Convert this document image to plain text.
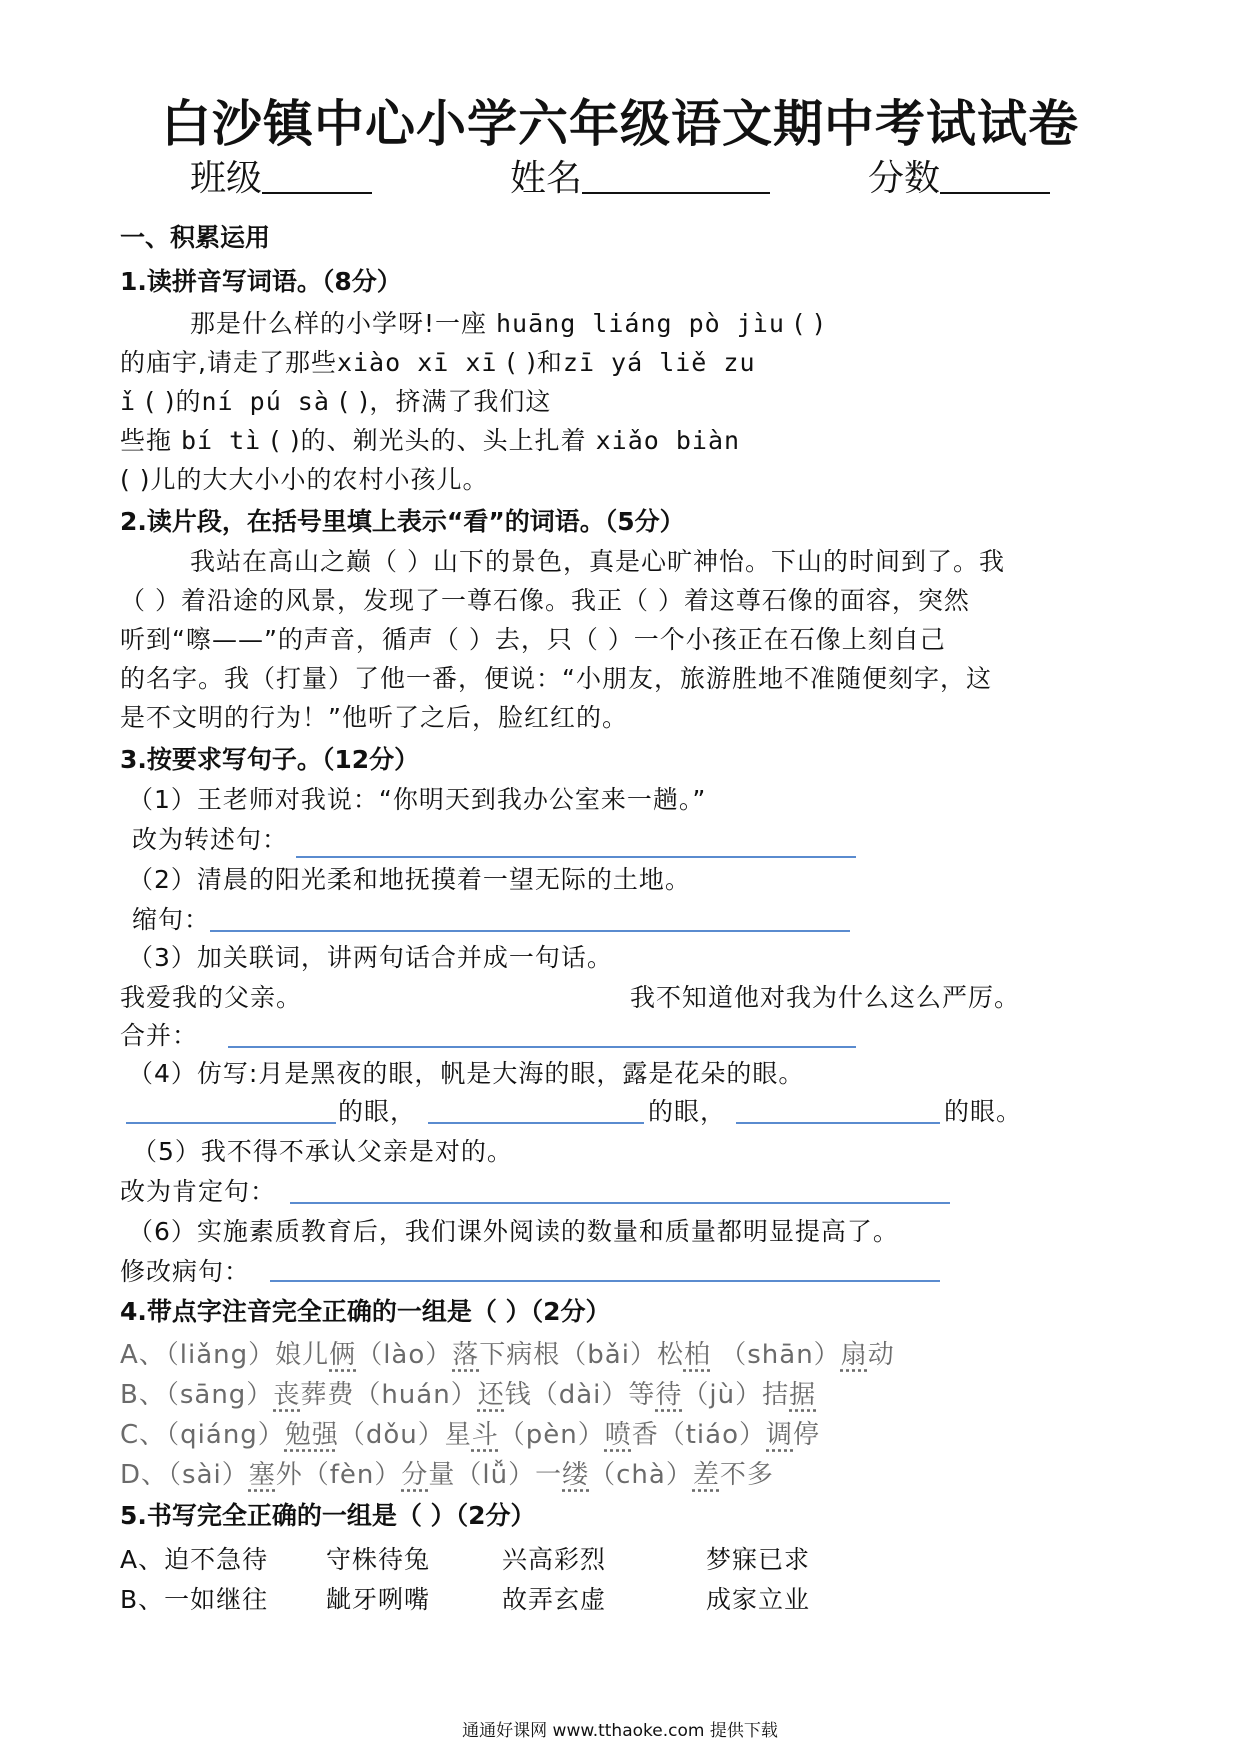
白沙镇中心小学六年级语文期中考试试卷
班级	姓名	分数
一、积累运用
1.读拼音写词语。（8分）
那是什么样的小学呀!一座 huāng liáng pò jìu ( )
的庙宇,请走了那些xiào xī xī ( )和zī yá liě zu
ǐ ( )的ní pú sà ( )，挤满了我们这
些拖 bí tì ( )的、剃光头的、头上扎着 xiǎo biàn
( )儿的大大小小的农村小孩儿。
2.读片段，在括号里填上表示“看”的词语。（5分）
我站在高山之巅（ ）山下的景色，真是心旷神怡。下山的时间到了。我
（ ）着沿途的风景，发现了一尊石像。我正（ ）着这尊石像的面容，突然
听到“嚓——”的声音，循声（ ）去，只（ ）一个小孩正在石像上刻自己
的名字。我（打量）了他一番，便说：“小朋友，旅游胜地不准随便刻字，这
是不文明的行为！”他听了之后，脸红红的。
3.按要求写句子。（12分）
（1）王老师对我说：“你明天到我办公室来一趟。”
改为转述句：
（2）清晨的阳光柔和地抚摸着一望无际的土地。
缩句：
（3）加关联词，讲两句话合并成一句话。
我爱我的父亲。	我不知道他对我为什么这么严厉。
合并：
（4）仿写:月是黑夜的眼，帆是大海的眼，露是花朵的眼。
的眼，	的眼，	的眼。
（5）我不得不承认父亲是对的。
改为肯定句：
（6）实施素质教育后，我们课外阅读的数量和质量都明显提高了。
修改病句：
4.带点字注音完全正确的一组是（ ）（2分）
A、（liǎng）娘儿俩（lào）落下病根（bǎi）松柏 （shān）扇动
B、（sāng）丧葬费（huán）还钱（dài）等待（jù）拮据
C、（qiáng）勉强（dǒu）星斗（pèn）喷香（tiáo）调停
D、（sài）塞外（fèn）分量（lǚ）一缕（chà）差不多
5.书写完全正确的一组是（ ）（2分）
A、迫不急待 守株待兔	兴高彩烈	梦寐已求
B、一如继往 龇牙咧嘴	故弄玄虚	成家立业
通通好课网 www.tthaoke.com 提供下载
